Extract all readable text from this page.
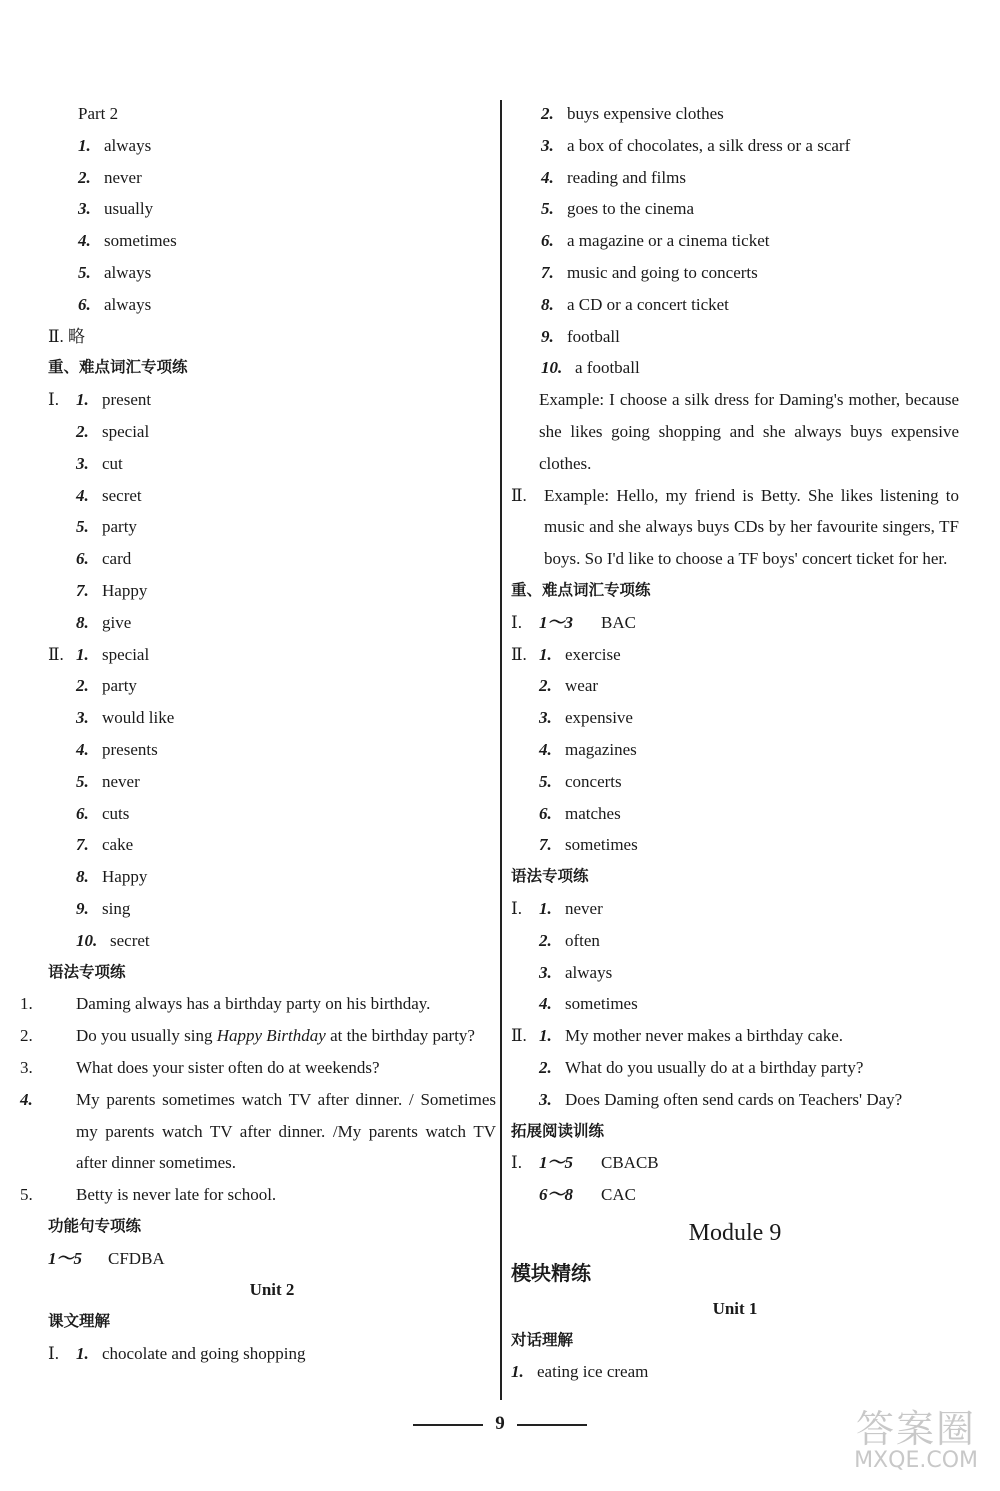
Part 2
1. always
2. never
3. usually
4. sometimes
5. always
6. always
Ⅱ. 略
重、难点词汇专项练
Ⅰ. 1. present
2. special
3. cut
4. secret
5. party
6. card
7. Happy
8. give
Ⅱ. 1. special
2. party
3. would like
4. presents
5. never
6. cuts
7. cake
8. Happy
9. sing
10. secret
语法专项练
1.	Daming always has a birthday party on his birthday.
2.	Do you usually sing Happy Birthday at the birthday party?
3.	What does your sister often do at weekends?
4.	My parents sometimes watch TV after dinner. / Sometimes my parents watch TV after dinner. /My parents watch TV after dinner sometimes.
5.	Betty is never late for school.
功能句专项练
1～5 CFDBA
Unit 2
课文理解
Ⅰ. 1. chocolate and going shopping
2. buys expensive clothes
3. a box of chocolates, a silk dress or a scarf
4. reading and films
5. goes to the cinema
6. a magazine or a cinema ticket
7. music and going to concerts
8. a CD or a concert ticket
9. football
10. a football
Example: I choose a silk dress for Daming's mother, because she likes going shopping and she always buys expensive clothes.
Ⅱ.	Example: Hello, my friend is Betty. She likes listening to music and she always buys CDs by her favourite singers, TF boys. So I'd like to choose a TF boys' concert ticket for her.
重、难点词汇专项练
Ⅰ. 1～3 BAC
Ⅱ. 1. exercise
2. wear
3. expensive
4. magazines
5. concerts
6. matches
7. sometimes
语法专项练
Ⅰ. 1. never
2. often
3. always
4. sometimes
Ⅱ. 1. My mother never makes a birthday cake.
2. What do you usually do at a birthday party?
3. Does Daming often send cards on Teachers' Day?
拓展阅读训练
Ⅰ. 1～5 CBACB
6～8 CAC
Module 9
模块精练
Unit 1
对话理解
1. eating ice cream
9	答案圈
MXQE.COM
